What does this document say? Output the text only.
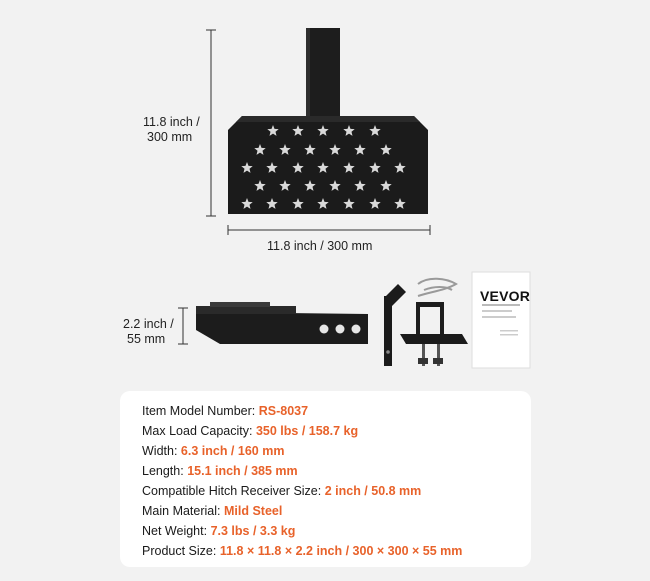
11.8 inch /
300 mm
11.8 inch / 300 mm
2.2 inch /
55 mm
VEVOR
Item Model Number: RS-8037
Max Load Capacity: 350 lbs / 158.7 kg
Width: 6.3 inch / 160 mm
Length: 15.1 inch / 385 mm
Compatible Hitch Receiver Size: 2 inch / 50.8 mm
Main Material: Mild Steel
Net Weight: 7.3 lbs / 3.3 kg
Product Size: 11.8 × 11.8 × 2.2 inch / 300 × 300 × 55 mm
